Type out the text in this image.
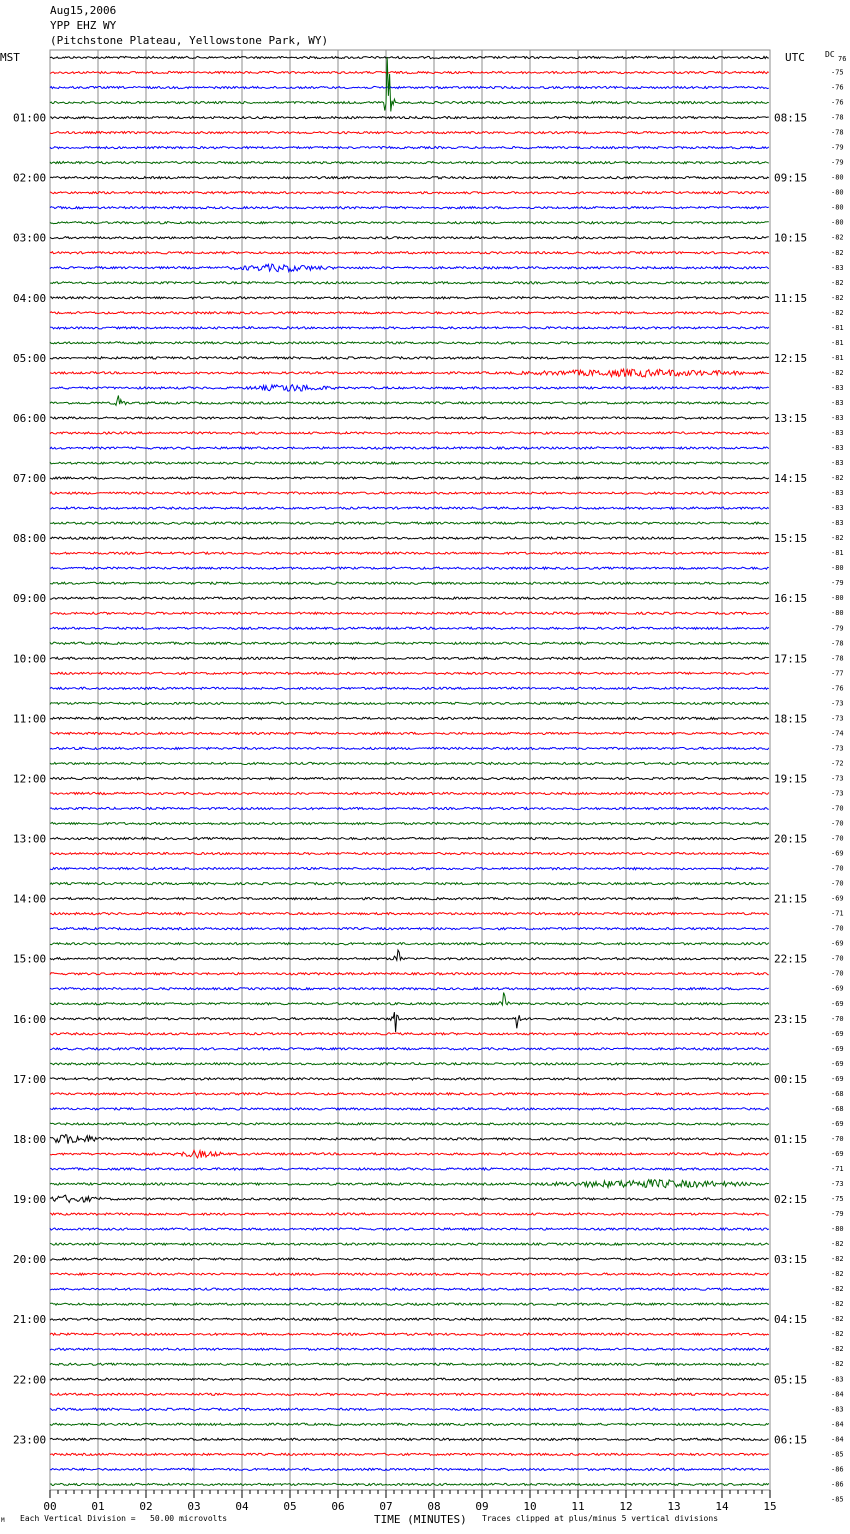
Aug15,2006
YPP EHZ WY
(Pitchstone Plateau, Yellowstone Park, WY)
01:00
02:00
03:00
04:00
05:00
06:00
07:00
08:00
09:00
10:00
11:00
12:00
13:00
14:00
15:00
16:00
17:00
18:00
19:00
20:00
21:00
22:00
23:00
08:15
09:15
10:15
11:15
12:15
13:15
14:15
15:15
16:15
17:15
18:15
19:15
20:15
21:15
22:15
23:15
00:15
01:15
02:15
03:15
04:15
05:15
06:15
-75
-76
-76
-78
-78
-79
-79
-80
-80
-80
-80
-82
-82
-83
-82
-82
-82
-81
-81
-81
-82
-83
-83
-83
-83
-83
-83
-82
-83
-83
-83
-82
-81
-80
-79
-80
-80
-79
-78
-78
-77
-76
-73
-73
-74
-73
-72
-73
-73
-70
-70
-70
-69
-70
-70
-69
-71
-70
-69
-70
-70
-69
-69
-70
-69
-69
-69
-69
-68
-68
-69
-70
-69
-71
-73
-75
-79
-80
-82
-82
-82
-82
-82
-82
-82
-82
-82
-83
-84
-83
-84
-84
-85
-86
-86
-85
00	01	02	03	04	05	06	07	08	09	10	11	12	13	14	15
MST	UTC	DC 76
TIME (MINUTES)
M Each Vertical Division =   50.00 microvolts	Traces clipped at plus/minus 5 vertical divisions
